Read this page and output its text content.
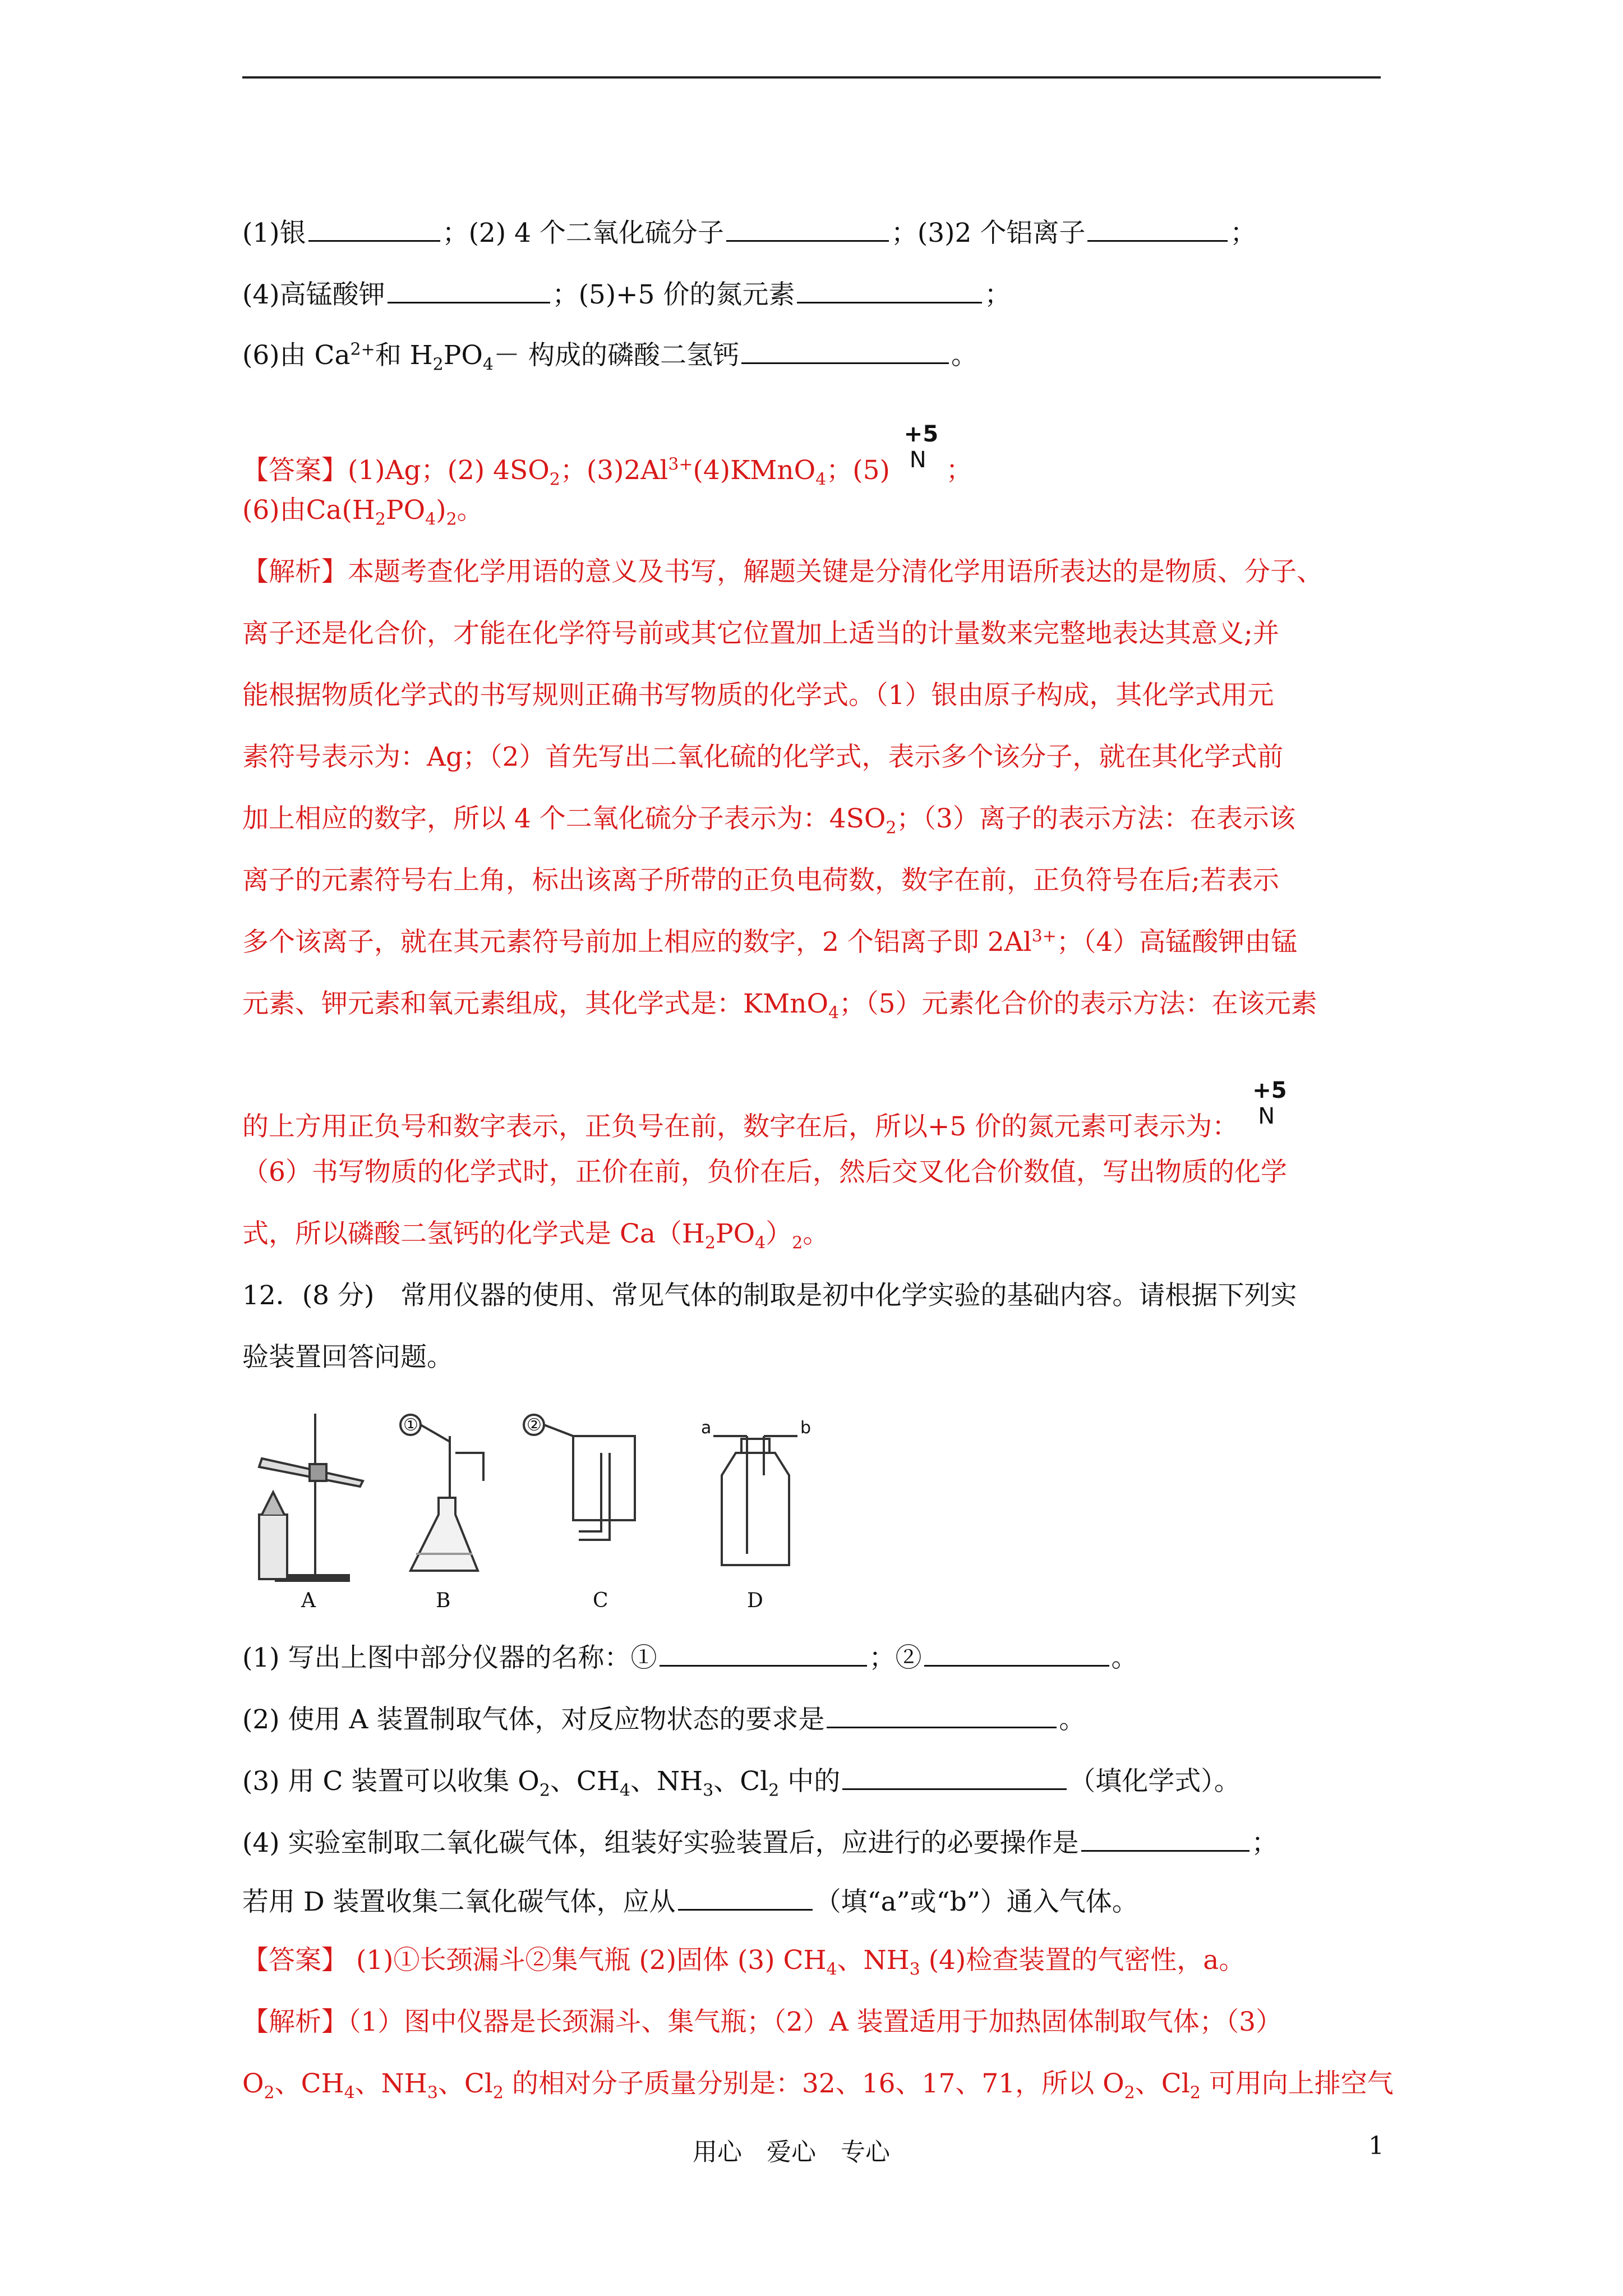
(1)银	；(2) 4 个二氧化硫分子	；(3)2 个铝离子	；
(4)高锰酸钾	；(5)+5 价的氮元素	；
(6)由 $Ca^{2+}$和 $H_2PO_4-$ 构成的磷酸二氢钙	。
【答案】(1)Ag；(2) $4SO_2$；$(3)2Al^{3+}(4)KMnO_4$；(5)
+5
N ；
(6)由$Ca(H_2PO_4)_2$。
【解析】本题考查化学用语的意义及书写，解题关键是分清化学用语所表达的是物质、分子、
离子还是化合价，才能在化学符号前或其它位置加上适当的计量数来完整地表达其意义;并
能根据物质化学式的书写规则正确书写物质的化学式。（1）银由原子构成，其化学式用元
素符号表示为：Ag；（2）首先写出二氧化硫的化学式，表示多个该分子，就在其化学式前
加上相应的数字，所以 4 个二氧化硫分子表示为：$4SO_2$；（3）离子的表示方法：在表示该
离子的元素符号右上角，标出该离子所带的正负电荷数，数字在前，正负符号在后;若表示
多个该离子，就在其元素符号前加上相应的数字，2 个铝离子即 $2Al^{3+}$；（4）高锰酸钾由锰
元素、钾元素和氧元素组成，其化学式是：KMnO$_4$；（5）元素化合价的表示方法：在该元素
的上方用正负号和数字表示，正负号在前，数字在后，所以+5 价的氮元素可表示为：
+5
N
（6）书写物质的化学式时，正价在前，负价在后，然后交叉化合价数值，写出物质的化学
式，所以磷酸二氢钙的化学式是 $Ca(H_2PO_4)_2$。
12．(8 分)　常用仪器的使用、常见气体的制取是初中化学实验的基础内容。请根据下列实
验装置回答问题。
A	B	C	D
①	②	a	b
(1) 写出上图中部分仪器的名称：①	；②	。
(2) 使用 A 装置制取气体，对反应物状态的要求是	。
(3) 用 C 装置可以收集 $O_2$、$CH_4$、$NH_3$、$Cl_2$ 中的	（填化学式）。
(4) 实验室制取二氧化碳气体，组装好实验装置后，应进行的必要操作是	；
若用 D 装置收集二氧化碳气体，应从	（填“a”或“b”）通入气体。
【答案】 (1)①长颈漏斗②集气瓶 (2)固体 (3) $CH_4$、$NH_3$ (4)检查装置的气密性，a。
【解析】（1）图中仪器是长颈漏斗、集气瓶；（2）A 装置适用于加热固体制取气体；（3）
$O_2$、$CH_4$、$NH_3$、$Cl_2$ 的相对分子质量分别是：32、16、17、71，所以 $O_2$、$Cl_2$ 可用向上排空气
用心　爱心　专心	1
